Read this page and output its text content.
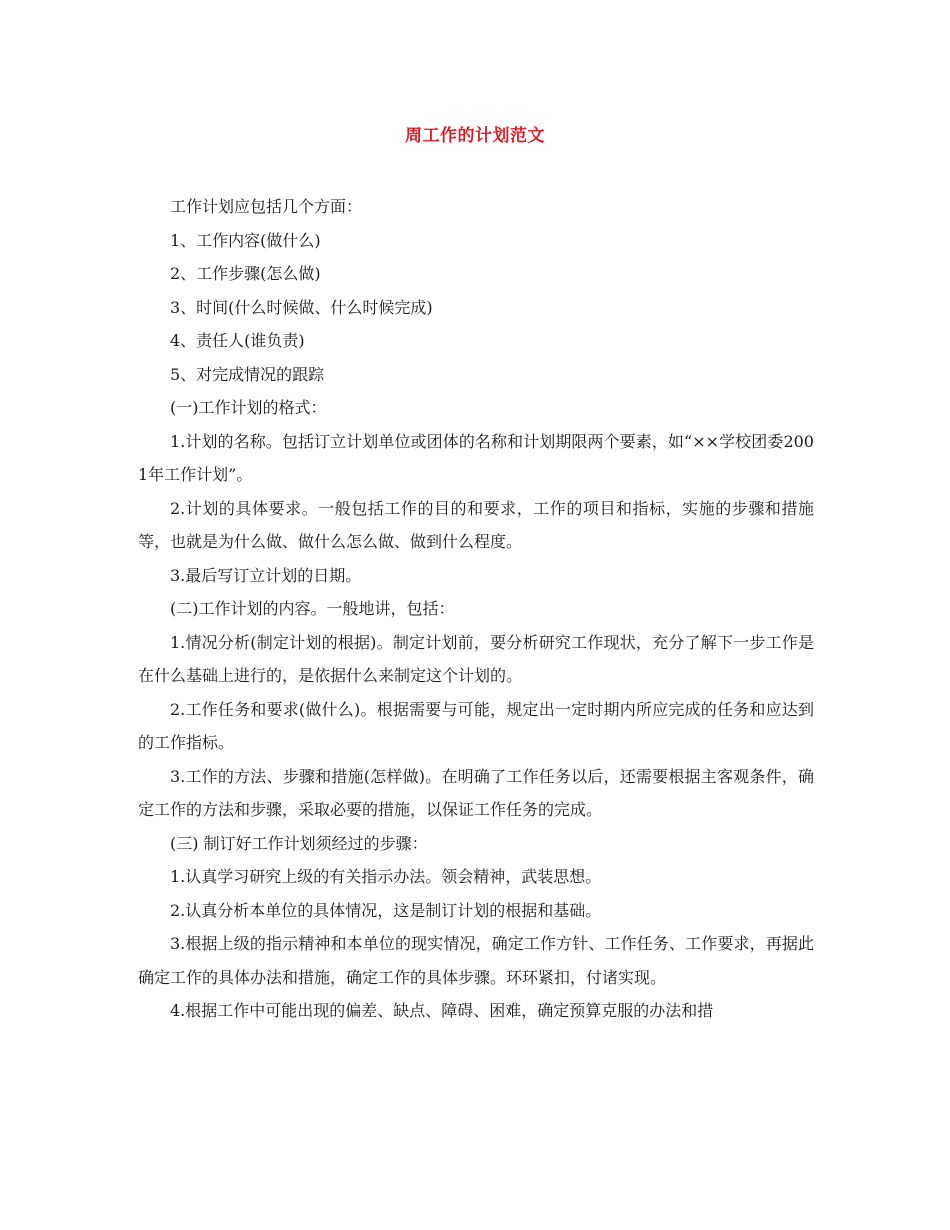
周工作的计划范文

工作计划应包括几个方面：

1、工作内容(做什么)

2、工作步骤(怎么做)

3、时间(什么时候做、什么时候完成)

4、责任人(谁负责)

5、对完成情况的跟踪

(一)工作计划的格式：

1.计划的名称。包括订立计划单位或团体的名称和计划期限两个要素，如“××学校团委2001年工作计划”。

2.计划的具体要求。一般包括工作的目的和要求，工作的项目和指标，实施的步骤和措施等，也就是为什么做、做什么怎么做、做到什么程度。

3.最后写订立计划的日期。

(二)工作计划的内容。一般地讲，包括：

1.情况分析(制定计划的根据)。制定计划前，要分析研究工作现状，充分了解下一步工作是在什么基础上进行的，是依据什么来制定这个计划的。

2.工作任务和要求(做什么)。根据需要与可能，规定出一定时期内所应完成的任务和应达到的工作指标。

3.工作的方法、步骤和措施(怎样做)。在明确了工作任务以后，还需要根据主客观条件，确定工作的方法和步骤，采取必要的措施，以保证工作任务的完成。

(三) 制订好工作计划须经过的步骤：

1.认真学习研究上级的有关指示办法。领会精神，武装思想。

2.认真分析本单位的具体情况，这是制订计划的根据和基础。

3.根据上级的指示精神和本单位的现实情况，确定工作方针、工作任务、工作要求，再据此确定工作的具体办法和措施，确定工作的具体步骤。环环紧扣，付诸实现。

4.根据工作中可能出现的偏差、缺点、障碍、困难，确定预算克服的办法和措
